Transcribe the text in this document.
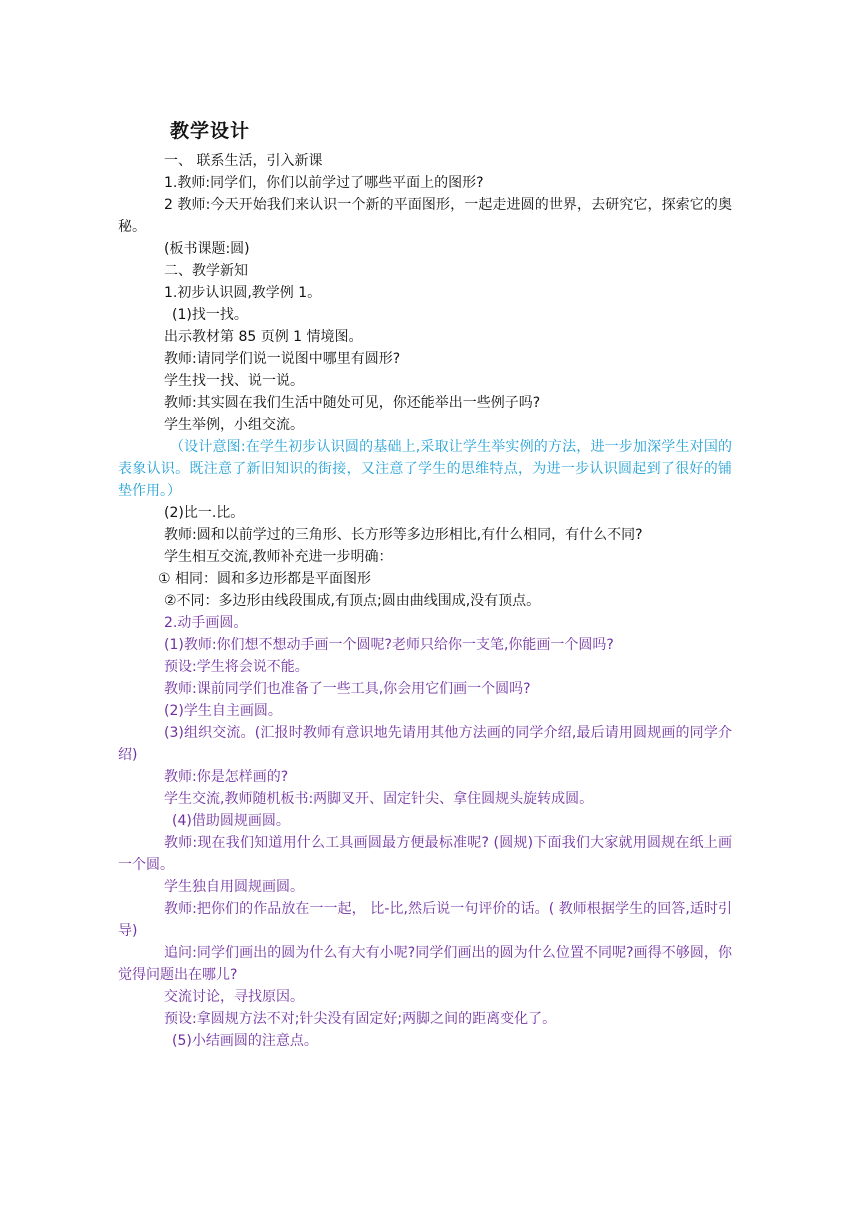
教学设计
一、 联系生活，引入新课
1.教师:同学们，你们以前学过了哪些平面上的图形?
2 教师:今天开始我们来认识一个新的平面图形，一起走进圆的世界，去研究它，探索它的奥秘。
(板书课题:圆)
二、教学新知
1.初步认识圆,教学例 1。
(1)找一找。
出示教材第 85 页例 1 情境图。
教师:请同学们说一说图中哪里有圆形?
学生找一找、说一说。
教师:其实圆在我们生活中随处可见，你还能举出一些例子吗?
学生举例，小组交流。
（设计意图:在学生初步认识圆的基础上,采取让学生举实例的方法，进一步加深学生对国的表象认识。既注意了新旧知识的街接，又注意了学生的思维特点，为进一步认识圆起到了很好的铺垫作用。）
(2)比一.比。
教师:圆和以前学过的三角形、长方形等多边形相比,有什么相同，有什么不同?
学生相互交流,教师补充进一步明确：
① 相同：圆和多边形都是平面图形
②不同：多边形由线段围成,有顶点;圆由曲线围成,没有顶点。
2.动手画圆。
(1)教师:你们想不想动手画一个圆呢?老师只给你一支笔,你能画一个圆吗?
预设:学生将会说不能。
教师:课前同学们也准备了一些工具,你会用它们画一个圆吗?
(2)学生自主画圆。
(3)组织交流。(汇报时教师有意识地先请用其他方法画的同学介绍,最后请用圆规画的同学介绍)
教师:你是怎样画的?
学生交流,教师随机板书:两脚叉开、固定针尖、拿住圆规头旋转成圆。
(4)借助圆规画圆。
教师:现在我们知道用什么工具画圆最方便最标准呢? (圆规)下面我们大家就用圆规在纸上画一个圆。
学生独自用圆规画圆。
教师:把你们的作品放在一一起， 比-比,然后说一句评价的话。( 教师根据学生的回答,适时引导)
追问:同学们画出的圆为什么有大有小呢?同学们画出的圆为什么位置不同呢?画得不够圆，你觉得问题出在哪儿?
交流讨论，寻找原因。
预设:拿圆规方法不对;针尖没有固定好;两脚之间的距离变化了。
(5)小结画圆的注意点。
